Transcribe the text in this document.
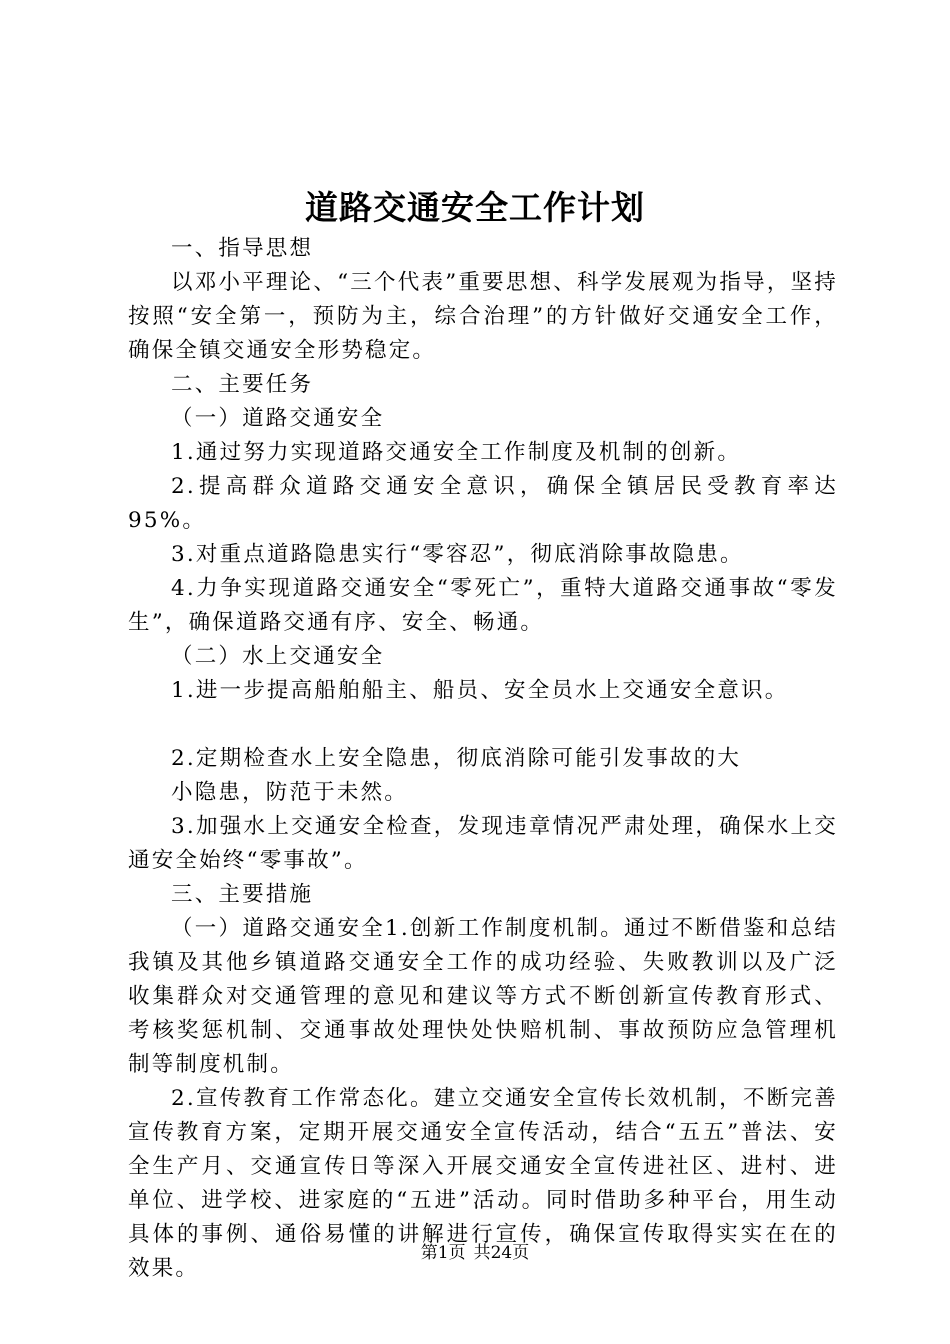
道路交通安全工作计划

一、指导思想

以邓小平理论、“三个代表”重要思想、科学发展观为指导，坚持按照“安全第一，预防为主，综合治理”的方针做好交通安全工作，确保全镇交通安全形势稳定。

二、主要任务

（一）道路交通安全

1.通过努力实现道路交通安全工作制度及机制的创新。

2.提高群众道路交通安全意识，确保全镇居民受教育率达95%。

3.对重点道路隐患实行“零容忍”，彻底消除事故隐患。

4.力争实现道路交通安全“零死亡”，重特大道路交通事故“零发生”，确保道路交通有序、安全、畅通。

（二）水上交通安全

1.进一步提高船舶船主、船员、安全员水上交通安全意识。

2.定期检查水上安全隐患，彻底消除可能引发事故的大

小隐患，防范于未然。

3.加强水上交通安全检查，发现违章情况严肃处理，确保水上交通安全始终“零事故”。

三、主要措施

（一）道路交通安全1.创新工作制度机制。通过不断借鉴和总结我镇及其他乡镇道路交通安全工作的成功经验、失败教训以及广泛收集群众对交通管理的意见和建议等方式不断创新宣传教育形式、考核奖惩机制、交通事故处理快处快赔机制、事故预防应急管理机制等制度机制。

2.宣传教育工作常态化。建立交通安全宣传长效机制，不断完善宣传教育方案，定期开展交通安全宣传活动，结合“五五”普法、安全生产月、交通宣传日等深入开展交通安全宣传进社区、进村、进单位、进学校、进家庭的“五进”活动。同时借助多种平台，用生动具体的事例、通俗易懂的讲解进行宣传，确保宣传取得实实在在的效果。

第1页 共24页
